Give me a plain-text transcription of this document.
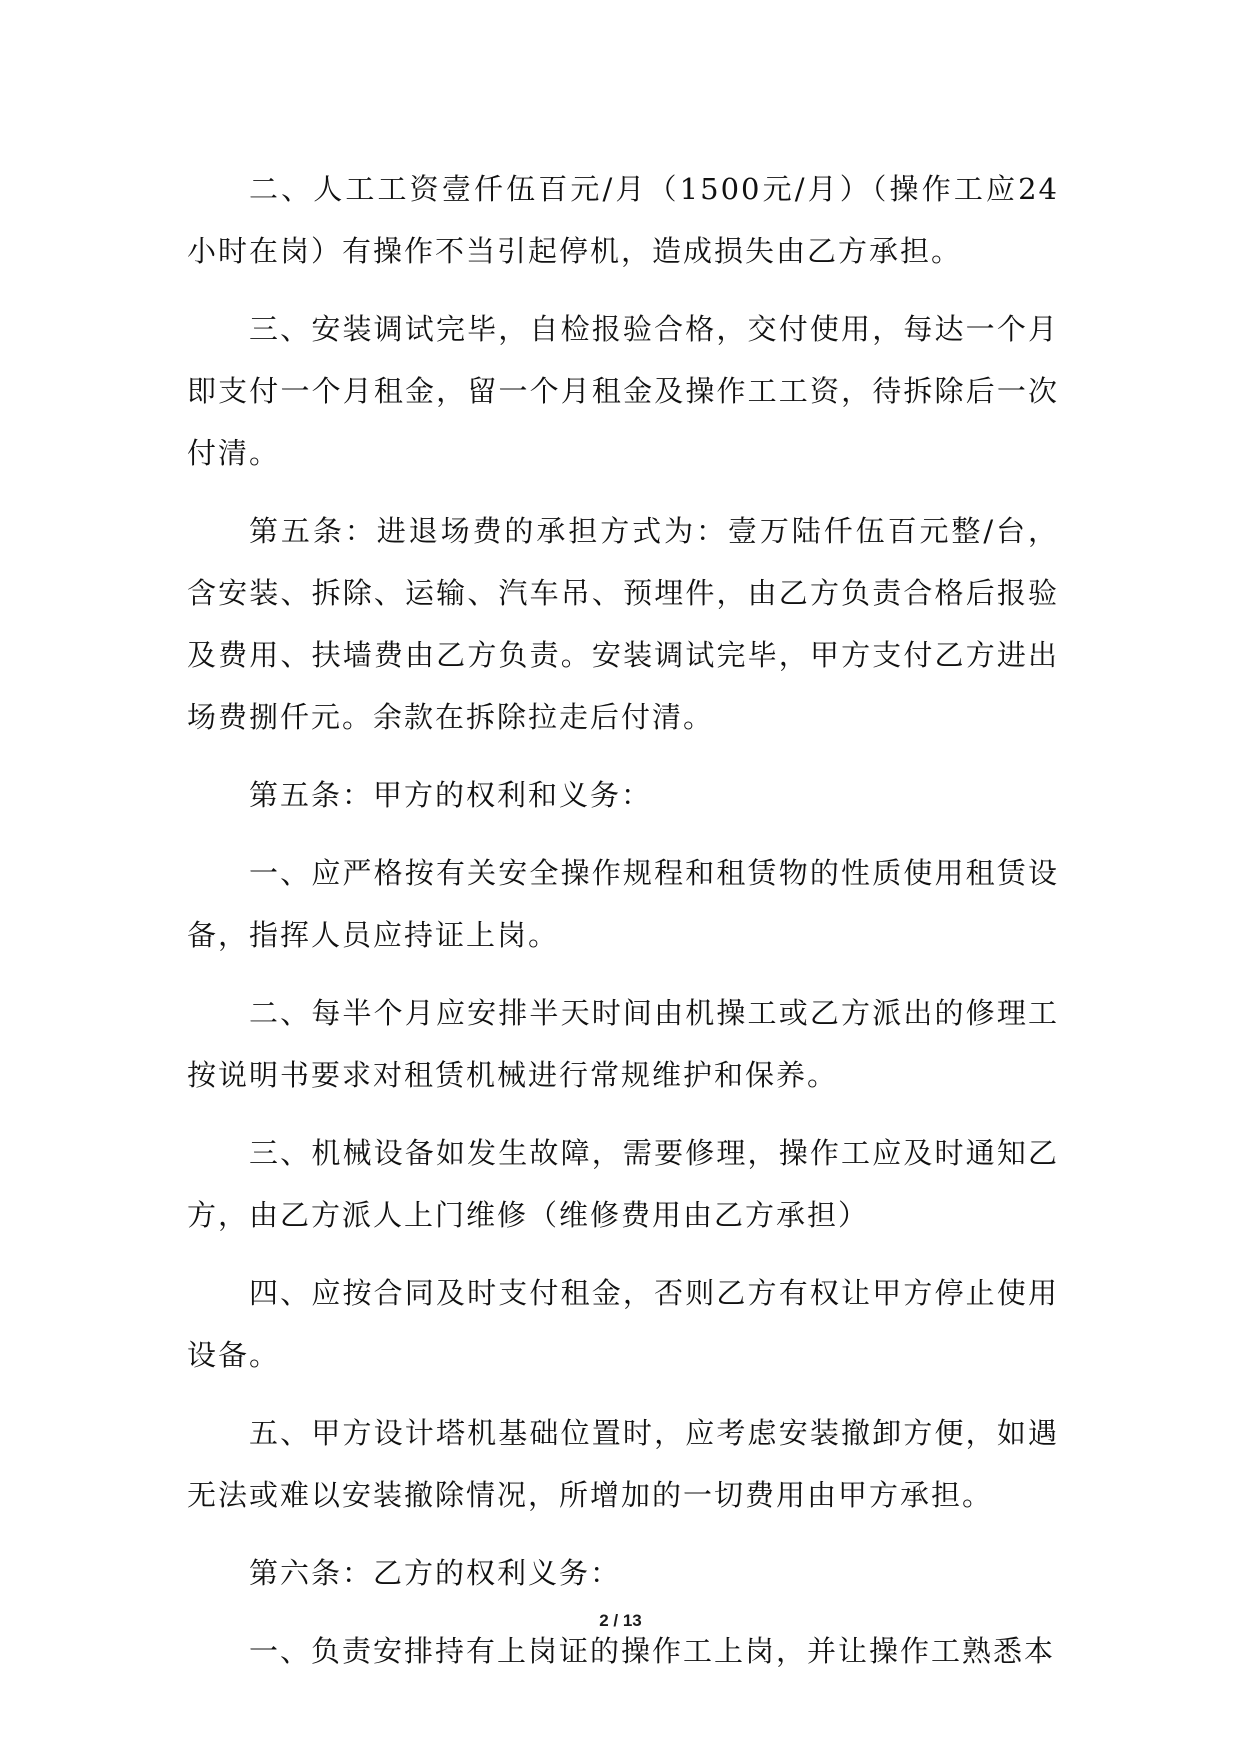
二、人工工资壹仟伍百元/月（1500元/月）（操作工应24小时在岗）有操作不当引起停机，造成损失由乙方承担。

三、安装调试完毕，自检报验合格，交付使用，每达一个月即支付一个月租金，留一个月租金及操作工工资，待拆除后一次付清。

第五条：进退场费的承担方式为：壹万陆仟伍百元整/台，含安装、拆除、运输、汽车吊、预埋件，由乙方负责合格后报验及费用、扶墙费由乙方负责。安装调试完毕，甲方支付乙方进出场费捌仟元。余款在拆除拉走后付清。

第五条：甲方的权利和义务：

一、应严格按有关安全操作规程和租赁物的性质使用租赁设备，指挥人员应持证上岗。

二、每半个月应安排半天时间由机操工或乙方派出的修理工按说明书要求对租赁机械进行常规维护和保养。

三、机械设备如发生故障，需要修理，操作工应及时通知乙方，由乙方派人上门维修（维修费用由乙方承担）

四、应按合同及时支付租金，否则乙方有权让甲方停止使用设备。

五、甲方设计塔机基础位置时，应考虑安装撤卸方便，如遇无法或难以安装撤除情况，所增加的一切费用由甲方承担。

第六条：乙方的权利义务：

一、负责安排持有上岗证的操作工上岗，并让操作工熟悉本

2 / 13
